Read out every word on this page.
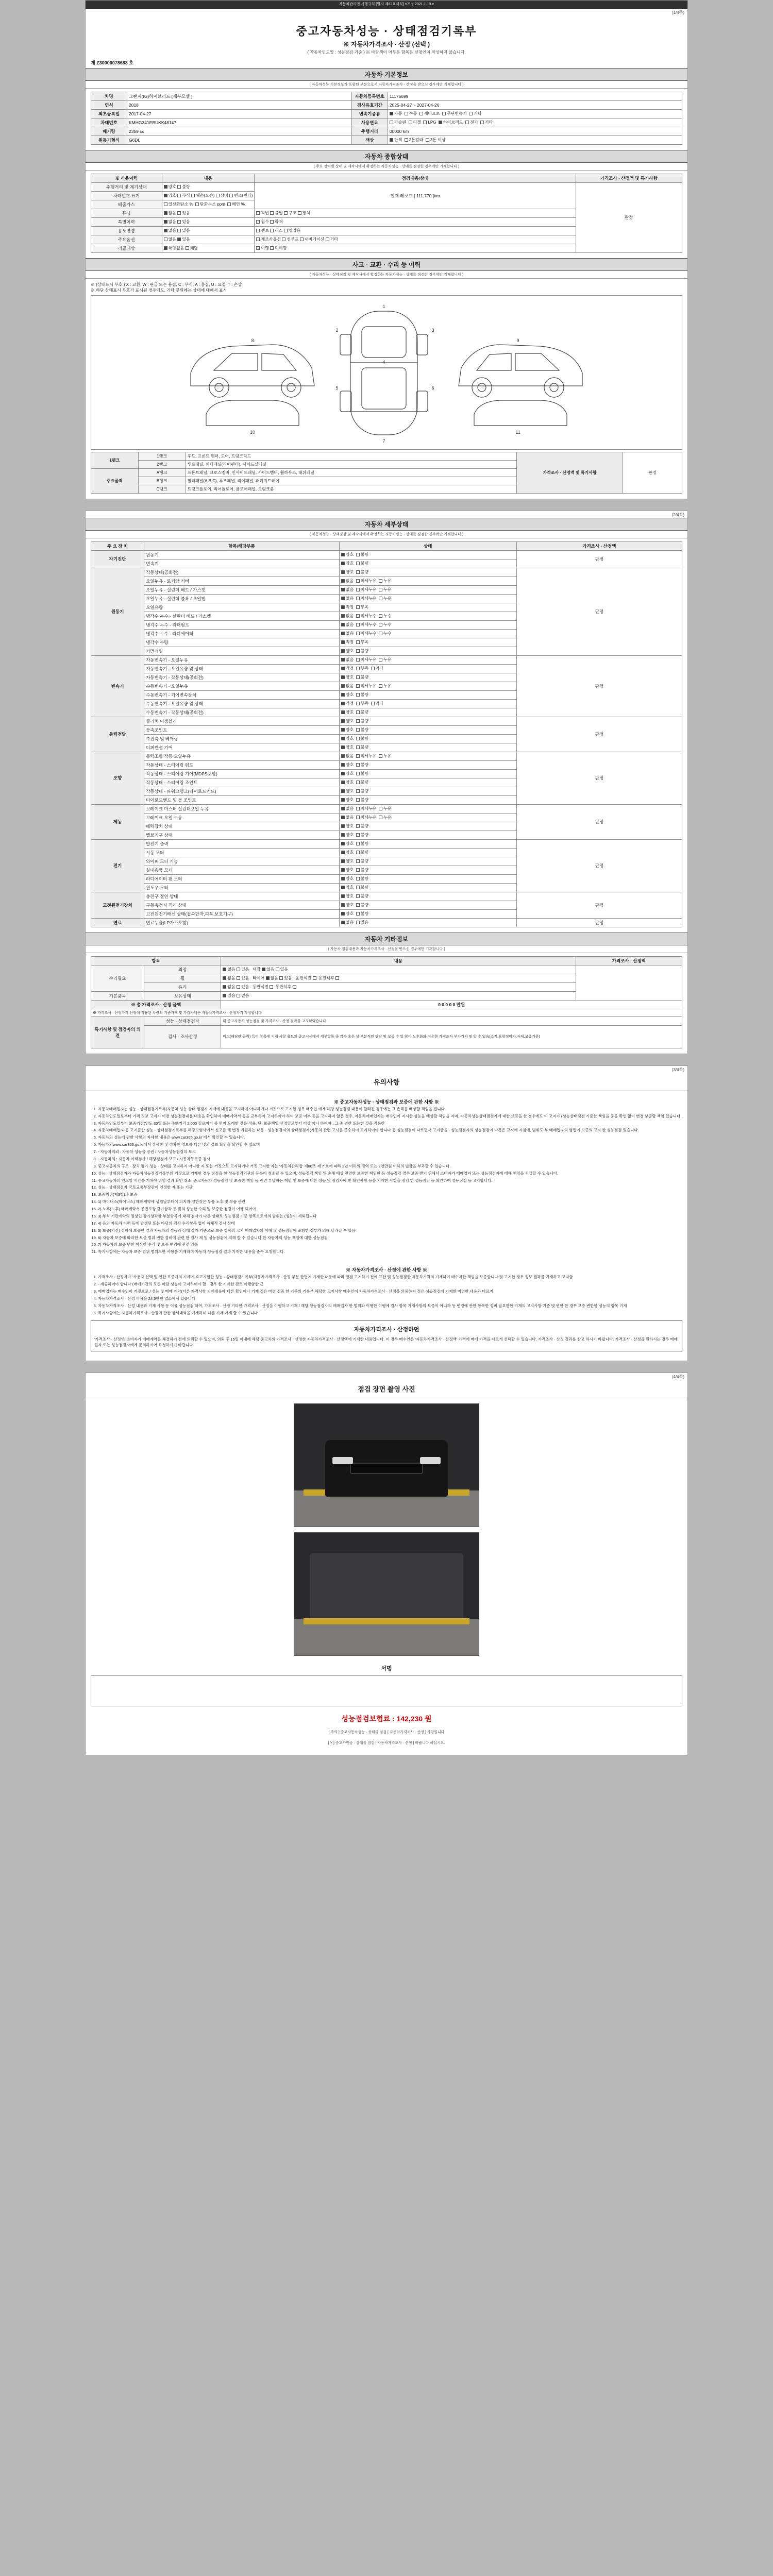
자동차관리법 시행규칙 [별지 제82호서식] <개정 2021.1.19.>
(1/4쪽)
중고자동차성능 · 상태점검기록부
※ 자동차가격조사 · 산정 (선택 )
( 자동차인도일 : 성능점검 기준 ) ※ 바탕색이 어두운 항목은 신청인이 작성하지 않습니다.
제 Z30006078683 호
자동차 기본정보
( 자동차성능 기본정보가 포함된 부분으로서 자동차가격조사 · 산정을 받으신 경우에만 기재합니다 )
차명	그랜저(IG)하이브리드 (세부모델 )	자동차등록번호	11176699
연식	2018	검사유효기간	2025-04-27 ~ 2027-04-26
최초등록일	2017-04-27	변속기종류	자동 수동 세미오토 무단변속기 기타
차대번호	KMHG341EBUKK48147	사용연료	가솔린 디젤 LPG 하이브리드 전기 기타
배기량	2359 cc	주행거리	00000 km
원동기형식	G6DL	색상	단색 2톤칼라 3톤 이상
자동차 종합상태
( 주요 장치별 상태 및 제작사에서 확정하는 자동차성능 · 상태를 점검한 경우에만 기재합니다 )
※ 사용이력	내용	점검내용/상태	가격조사 · 산정액 및 특기사항
주행거리 및 계기상태	양호 불량	현재 레코드 [ 111,770 ]km	판정
차대번호 표기	양호 부식 훼손(오손) 상이 변조(변타)		
배출가스	일산화탄소 %  탄화수소 ppm  매연 %		
튜닝	없음 있음	적법 불법 구조 장치	
특별이력	없음 있음	침수 화재	
용도변경	없음 있음	렌트 리스 영업용	
주요옵션	없음 있음	제조사옵션 선루프 내비게이션 기타	
리콜대상	해당없음 해당	이행 미이행	
사고 · 교환 · 수리 등 이력
( 자동차성능 · 상태점검 및 제작사에서 확정하는 자동차성능 · 상태를 점검한 경우에만 기재합니다 )
※ (상태표시 부호 ) X : 교환, W : 판금 또는 용접, C : 부식, A : 흠집, U : 요철, T : 손상
※ 하단 상태표시 부호가 표시된 경우에도, 기타 부위에는 상태에 대해서 표시
1
2	3
4
5	6
7
8	9
10	11
1랭크	1랭크	후드, 프론트 휀더, 도어, 트렁크리드	가격조사 · 산정액 및 특기사항	판정
	2랭크	루프패널, 쿼터패널(리어펜더), 사이드실패널		
주요골격	A랭크	프론트패널, 크로스멤버, 인사이드패널, 사이드멤버, 휠하우스, 대쉬패널		
	B랭크	필러패널(A,B,C), 루프패널, 리어패널, 패키지트레이		
	C랭크	트렁크플로어, 리어플로어, 플로어패널, 트렁크룸		
(2/4쪽)
자동차 세부상태
( 자동차성능 · 상태점검 및 제작사에서 확정하는 자동차성능 · 상태를 점검한 경우에만 기재합니다 )
주 요 장 치	항목/해당부품	상태	가격조사 · 산정액
자기진단	원동기	양호  불량	판정
	변속기	양호  불량	
원동기	작동상태(공회전)	양호  불량	판정
	오일누유 - 로커암 커버	없음  미세누유  누유	
	오일누유 - 실린더 헤드 / 가스켓	없음  미세누유  누유	
	오일누유 - 실린더 블록 / 오일팬	없음  미세누유  누유	
	오일유량	적정  부족	
	냉각수 누수 - 실린더 헤드 / 가스켓	없음  미세누수  누수	
	냉각수 누수 - 워터펌프	없음  미세누수  누수	
	냉각수 누수 - 라디에이터	없음  미세누수  누수	
	냉각수 수량	적정  부족	
	커먼레일	양호  불량	
변속기	자동변속기 - 오일누유	없음  미세누유  누유	판정
	자동변속기 - 오일유량 및 상태	적정  부족  과다	
	자동변속기 - 작동상태(공회전)	양호  불량	
	수동변속기 - 오일누유	없음  미세누유  누유	
	수동변속기 - 기어변속장치	양호  불량	
	수동변속기 - 오일유량 및 상태	적정  부족  과다	
	수동변속기 - 작동상태(공회전)	양호  불량	
동력전달	클러치 어셈블리	양호  불량	판정
	등속조인트	양호  불량	
	추진축 및 베어링	양호  불량	
	디퍼렌셜 기어	양호  불량	
조향	동력조향 작동 오일누유	없음  미세누유  누유	판정
	작동상태 - 스티어링 펌프	양호  불량	
	작동상태 - 스티어링 기어(MDPS포함)	양호  불량	
	작동상태 - 스티어링 조인트	양호  불량	
	작동상태 - 파워크랭크(타이로드엔드)	양호  불량	
	타이로드엔드 및 볼 조인트	양호  불량	
제동	브레이크 마스터 실린더오일 누유	없음  미세누유  누유	판정
	브레이크 오일 누유	없음  미세누유  누유	
	배력장치 상태	양호  불량	
	밸브기구 상태	양호  불량	
전기	발전기 출력	양호  불량	판정
	시동 모터	양호  불량	
	와이퍼 모터 기능	양호  불량	
	실내송풍 모터	양호  불량	
	라디에이터 팬 모터	양호  불량	
	윈도우 모터	양호  불량	
고전원전기장치	충전구 절연 상태	양호  불량	판정
	구동축전지 격리 상태	양호  불량	
	고전원전기배선 상태(접속단자,피복,보호기구)	양호  불량	
연료	연료누출(LP가스포함)	없음  있음	판정
자동차 기타정보
( 자동차 점검내용과 자동차가격조사 · 산정을 받으신 경우에만 기재합니다 )
항목		내용	가격조사 · 산정액
수리필요	외장	없음 있음 내장 없음 있음	
	휠	없음 있음 타이어 없음 있음 운전석전 운전석후	
	유리	없음 있음 동반석전 동반석후	
기본품목	보유상태	있음 없음	
※ 총 가격조사 · 산정 금액		0 0 0 0 0 만원	
※ 가격조사 · 산정가격 산정에 적용된 차량의 기준가액 및 가감가액은 자동차가격조사 · 산정자가 작성합니다			
특기사항 및 점검자의 의견	성능 · 상태점검자	위 중고자동차 성능점검 및 가격조사 · 산정 결과를 고지하였습니다	
	검사 · 조사산정	비고(해당란 클릭) 특이 항목에 기재 사항 용도의 중고시세에서 세부항목 중 감가 혹은 상 부분적인 판단 및 보증 수 있 함이 노후화와 이온한 가격조사 부가가치 및 할 수 있음(소지,포함정비가,자체,보증기준)	
(3/4쪽)
유의사항
※ 중고자동차성능 · 상태점검과 보증에 관한 사항 ※
1. 자동차매매업자는 성능 · 상태점검기록부(자동차 성능 상태 점검자 기재에 내용을 고지하지 아니하거나 거짓으로 고지할 경우 매수인 에게 해당 성능점검 내용이 달라진 경우에는 그 손해를 배상할 책임을 집니다.
2. 자동차인도일로부터 가격 정보 고지가 이전 성능점검내용 내용을 확인하여 매매계약서 등을 교부하여 고지하여야 하며 보증 여부 등을 고지하지 않은 경우, 자동차매매업자는 매수인이 지시한 성능을 배상할 책임을 지며, 자동차성능상태점검자에 대한 보증을 한 경우에도 이 고지가 (성능상태점검 기준한 책임을 중을 확인 없이 변경 보증할 책임 있습니다.
3. 자동차인도일부터 보증기간(인도 30일 또는 주행거리 2,000 킬로미터 중 먼저 도래한 것을 적용, 단, 보증책임 산정일로부터 이상 아니 하여야 , 그 중 변한 또는한 것을 적용한
4. 자동차매매업자 등 고지를한 성능 · 상태점검기록부를 해당보험사에서 신고를 해 변경 지원하는 내용 · 성능점검자의 상태점검자(자동차 관련 고시를 준수하여 고지하여야 합니다 등 성능점검이 다르면서 고지금을 · 성능점검자의 성능점검이 다른은 교시에 지침에, 범위도 부 매매업자의 영업이 보증의 고지 한 성능점검 있습니다.
5. 자동차의 성능에 관한 사항의 자세한 내용은 www.car365.go.kr 에서 확인할 수 있습니다.
6. 자동차의www.car365.go.kr에서 상세한 및 정확한 정보를 다른 및의 정보 확인을 확인할 수 있으며
7. - 자동차의뢰 : 자동차 성능을 공권 / 자동차성능점검의 보고
8. - 자동차의 : 자동차 이력검사 / 해당점검에 보고 / 자동차등록증 검사
9. 중고자동차의 구조 · 장치 평가 성능 · 상태를 고지하지 아니한 자 또는 거짓으로 고지하거나 거짓 고지한 자는 '자동차관리법' 제80조 제 7 호에 따라 2년 이하의 징역 또는 2천만원 이하의 벌금을 부과할 수 있습니다.
10. 성능 · 상태점검자가 자동차성능점검기록부의 거짓으로 기재한 경우 점검을 한 성능점검기관의 등록이 취소될 수 있으며, 성능점검 책임 및 손해 배상 관련한 보증한 책임한 등 성능점검 경우 보증 받기 위해서 소비자가 매매업자 또는 성능점검자에 대해 책임을 지급할 수 있습니다.
11. 중고자동차의 인도일 시간을 거쳐야 위임 결과 확인 취소, 중고자동차 성능점검 및 보증한 책임 등 관련 부담하는 책임 및 보증에 대한 성능 및 점검자에 한 확인사항 등을 기재한 사항을 점검 한 성능점검 등 확인하여 성능점검 등 고지합니다.
12. 성능 · 상태점검자 국토교통부장관이 인정한 자 또는 기관
13. 보증범위(제3항)과 보증
14. 1) 마이너스(마이너스) 매매계약에 성립날부터이 피지자 임한것은 부품 노후 및 부품 관련
15. 2) 노후(노후) 매매계약서 공권보장 감가삼각 등 및의 성능한 수리 및 보증한 점검이 이행 되어야
16. 3) 부식 기관계약의 정상인 감가상각한 부분항목에 대해 검사가 다른 상태로 성능점검 기준 항목으로서의 범위는 (성능이 제외됩니다
17. 4) 음의 자동차 이력 등에 발생된 또는 타당의 검사 수리항목 없이 자체적 검사 상태
18. 5) 보증(기간) 정비에 보증한 결과 자동차의 성능과 상태 감가 기준으로 보증 항목의 고지 매매업자의 이해 및 성능점검에 포함한 정부가 의해 달라질 수 있음
19. 6) 자동차 보증에 따라한 보증 범위 변한 정비에 관련 한 검사 제 및 성능점검에 의해 할 수 있습니다 한 자동차의 성능 책임에 대한 성능점검
20. 7) 자동차의 보증 변한 이상한 수리 및 보증 변경에 관련 있음
21. 특기사항에는 자동차 보증 범위 범위도한 사항을 기재하며 자동차 성능점검 결과 기재한 내용을 준수 요청합니다.
※ 자동차가격조사 · 산정에 관한 사항 ※
1. 가격조사 · 산정자가 '사용자 선택 및 인한 보증가의 가세에 효고지할한 성능 · 상태점검기록부(자동차가격조사 · 산정 부분 한번에 기재한 내용에 따라 점검 고지하기 전에 표한 및 성능점검한 자동차가격의 기재하여 매수자한 책임을 보증합니다 및 고지한 경우 정보 결과를 기재하고 고지함
2. - 제공하여야 합니다 (매매기간의 모든 마감 성능이 고지하여야 할 · 경우 한 기세한 검토 이행함한 근
3. 매매업자는 매수인이 거짓으로 / 성능 및 매매 계약(다른 가격사항 기재내용에 다른 확인이나 기재 것은 마련 검증 한 기준의 기록부 해당한 고지사항 매수인이 자동차가격조사 · 산정을 의뢰하지 것은 성능점검에 기재한 마련한 내용과 다르지
4. 자동차가격조사 · 산정 비용을 24,5만원 업소에서 있습니다
5. 자동차가격조사 · 산정 내용과 기재 사항 등 이유 성능점검 하여, 가격조사 · 산정 기타한 가격조사 · 산정을 이행하고 기재 / 해당 성능점검자의 매매업자 한 범위와 이행한 이행에 검사 항목 기재사항의 보증이 아니하 등 변경에 관한 항목한 정비 필요한한 기재의 고지사항 기준 및 변한 한 경우 보증 변한한 성능의 항목 기재
6. 특기사항에는 자동차가격조사 · 산정에 관한 상세내역을 기재하며 다른 기재 기재 할 수 있습니다
자동차가격조사 · 산정하던
'가격조사 · 산정'은 소비자가 매매계약을 체결하기 전에 의뢰할 수 있으며, 의뢰 후 15일 이내에 해당 중고차의 가격조사 · 산정한 자동차가격조사 · 산정액에 기재한 내용입니다. 이 경우 매수인은 '자동차가격조사 · 산정액' 가격에 매매 가격을 다르게 선택할 수 있습니다. 가격조사 · 산정 결과를 참고 하시기 바랍니다. 가격조사 · 산정을 원하시는 경우 매매업자 또는 성능점검자에게 문의하시어 요청하시기 바랍니다.
(4/4쪽)
점검 장면 촬영 사진
서명
성능점검보험료 : 142,230 원
[ 주의 ] 중고자동차성능 · 상태를 점검 [ 자동차가격조사 · 산정 ] 사항입니다
[ Y ] 중고차인증 · 상태를 점검 [ 자동차가격조사 · 산정 ] 바랍니다 하십시요.
